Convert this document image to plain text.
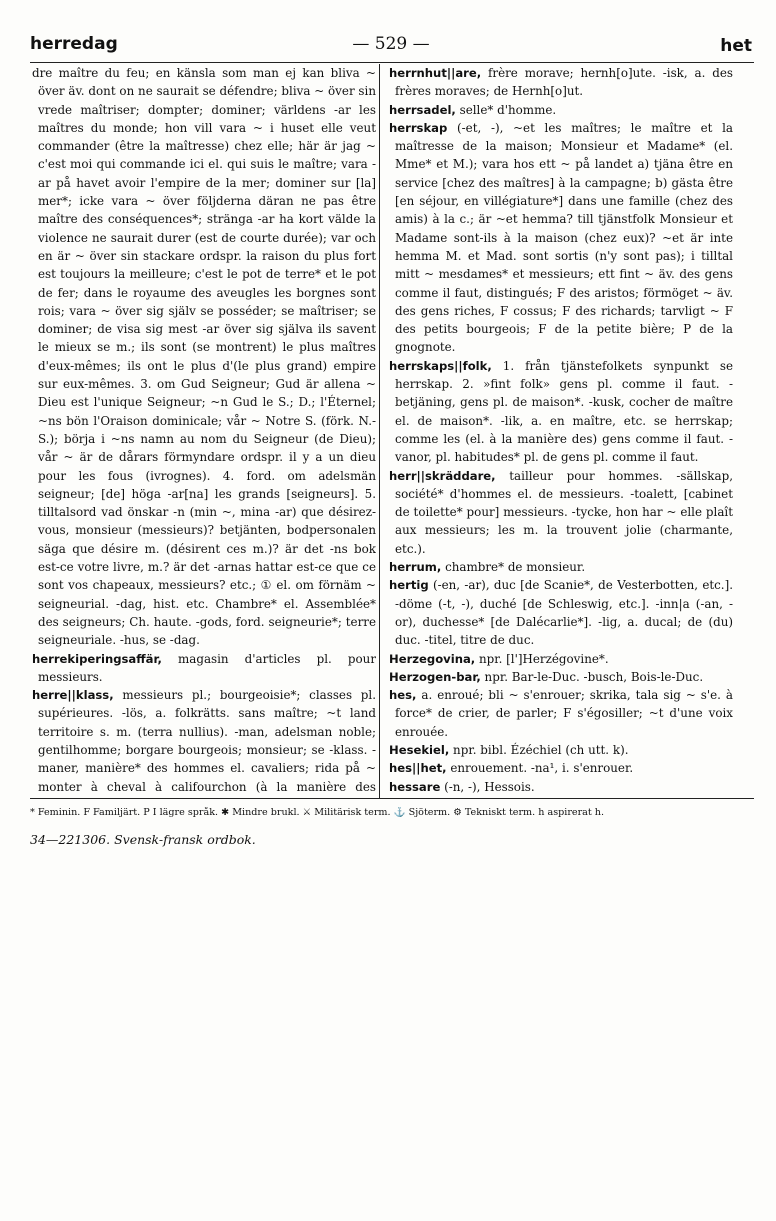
herredag	— 529 —	het

dre maître du feu; en känsla som man ej kan bliva ~ över äv. dont on ne saurait se défendre; bliva ~ över sin vrede maîtriser; dompter; dominer; världens -ar les maîtres du monde; hon vill vara ~ i huset elle veut commander (être la maîtresse) chez elle; här är jag ~ c'est moi qui commande ici el. qui suis le maître; vara -ar på havet avoir l'empire de la mer; dominer sur [la] mer*; icke vara ~ över följderna däran ne pas être maître des conséquences*; stränga -ar ha kort välde la violence ne saurait durer (est de courte durée); var och en är ~ över sin stackare ordspr. la raison du plus fort est toujours la meilleure; c'est le pot de terre* et le pot de fer; dans le royaume des aveugles les borgnes sont rois; vara ~ över sig själv se posséder; se maîtriser; se dominer; de visa sig mest -ar över sig själva ils savent le mieux se m.; ils sont (se montrent) le plus maîtres d'eux-mêmes; ils ont le plus d'(le plus grand) empire sur eux-mêmes. 3. om Gud Seigneur; Gud är allena ~ Dieu est l'unique Seigneur; ~n Gud le S.; D.; l'Éternel; ~ns bön l'Oraison dominicale; vår ~ Notre S. (förk. N.-S.); börja i ~ns namn au nom du Seigneur (de Dieu); vår ~ är de dårars förmyndare ordspr. il y a un dieu pour les fous (ivrognes). 4. ford. om adelsmän seigneur; [de] höga -ar[na] les grands [seigneurs]. 5. tilltalsord vad önskar -n (min ~, mina -ar) que désirez-vous, monsieur (messieurs)? betjänten, bodpersonalen säga que désire m. (désirent ces m.)? är det -ns bok est-ce votre livre, m.? är det -arnas hattar est-ce que ce sont vos chapeaux, messieurs? etc.; ① el. om förnäm ~ seigneurial. -dag, hist. etc. Chambre* el. Assemblée* des seigneurs; Ch. haute. -gods, ford. seigneurie*; terre seigneuriale. -hus, se -dag.

herrekiperingsaffär, magasin d'articles pl. pour messieurs.

herre||klass, messieurs pl.; bourgeoisie*; classes pl. supérieures. -lös, a. folkrätts. sans maître; ~t land territoire s. m. (terra nullius). -man, adelsman noble; gentilhomme; borgare bourgeois; monsieur; se -klass. -maner, manière* des hommes el. cavaliers; rida på ~ monter à cheval à califourchon (à la manière des

herrnhut||are, frère morave; hernh[o]ute. -isk, a. des frères moraves; de Hernh[o]ut.

herrsadel, selle* d'homme.

herrskap (-et, -), ~et les maîtres; le maître et la maîtresse de la maison; Monsieur et Madame* (el. Mme* et M.); vara hos ett ~ på landet a) tjäna être en service [chez des maîtres] à la campagne; b) gästa être [en séjour, en villégiature*] dans une famille (chez des amis) à la c.; är ~et hemma? till tjänstfolk Monsieur et Madame sont-ils à la maison (chez eux)? ~et är inte hemma M. et Mad. sont sortis (n'y sont pas); i tilltal mitt ~ mesdames* et messieurs; ett fint ~ äv. des gens comme il faut, distingués; F des aristos; förmöget ~ äv. des gens riches, F cossus; F des richards; tarvligt ~ F des petits bourgeois; F de la petite bière; P de la gnognote.

herrskaps||folk, 1. från tjänstefolkets synpunkt se herrskap. 2. »fint folk» gens pl. comme il faut. -betjäning, gens pl. de maison*. -kusk, cocher de maître el. de maison*. -lik, a. en maître, etc. se herrskap; comme les (el. à la manière des) gens comme il faut. -vanor, pl. habitudes* pl. de gens pl. comme il faut.

herr||skräddare, tailleur pour hommes. -sällskap, société* d'hommes el. de messieurs. -toalett, [cabinet de toilette* pour] messieurs. -tycke, hon har ~ elle plaît aux messieurs; les m. la trouvent jolie (charmante, etc.).

herrum, chambre* de monsieur.

hertig (-en, -ar), duc [de Scanie*, de Vesterbotten, etc.]. -döme (-t, -), duché [de Schleswig, etc.]. -inn|a (-an, -or), duchesse* [de Dalécarlie*]. -lig, a. ducal; de (du) duc. -titel, titre de duc.

Herzegovina, npr. [l']Herzégovine*.

Herzogen-bar, npr. Bar-le-Duc. -busch, Bois-le-Duc.

hes, a. enroué; bli ~ s'enrouer; skrika, tala sig ~ s'e. à force* de crier, de parler; F s'égosiller; ~t d'une voix enrouée.

Hesekiel, npr. bibl. Ézéchiel (ch utt. k).

hes||het, enrouement. -na¹, i. s'enrouer.

hessare (-n, -), Hessois.

* Feminin. F Familjärt. P I lägre språk. ✱ Mindre brukl. ⚔ Militärisk term. ⚓ Sjöterm. ⚙ Tekniskt term. h aspirerat h.
34—221306. Svensk-fransk ordbok.
